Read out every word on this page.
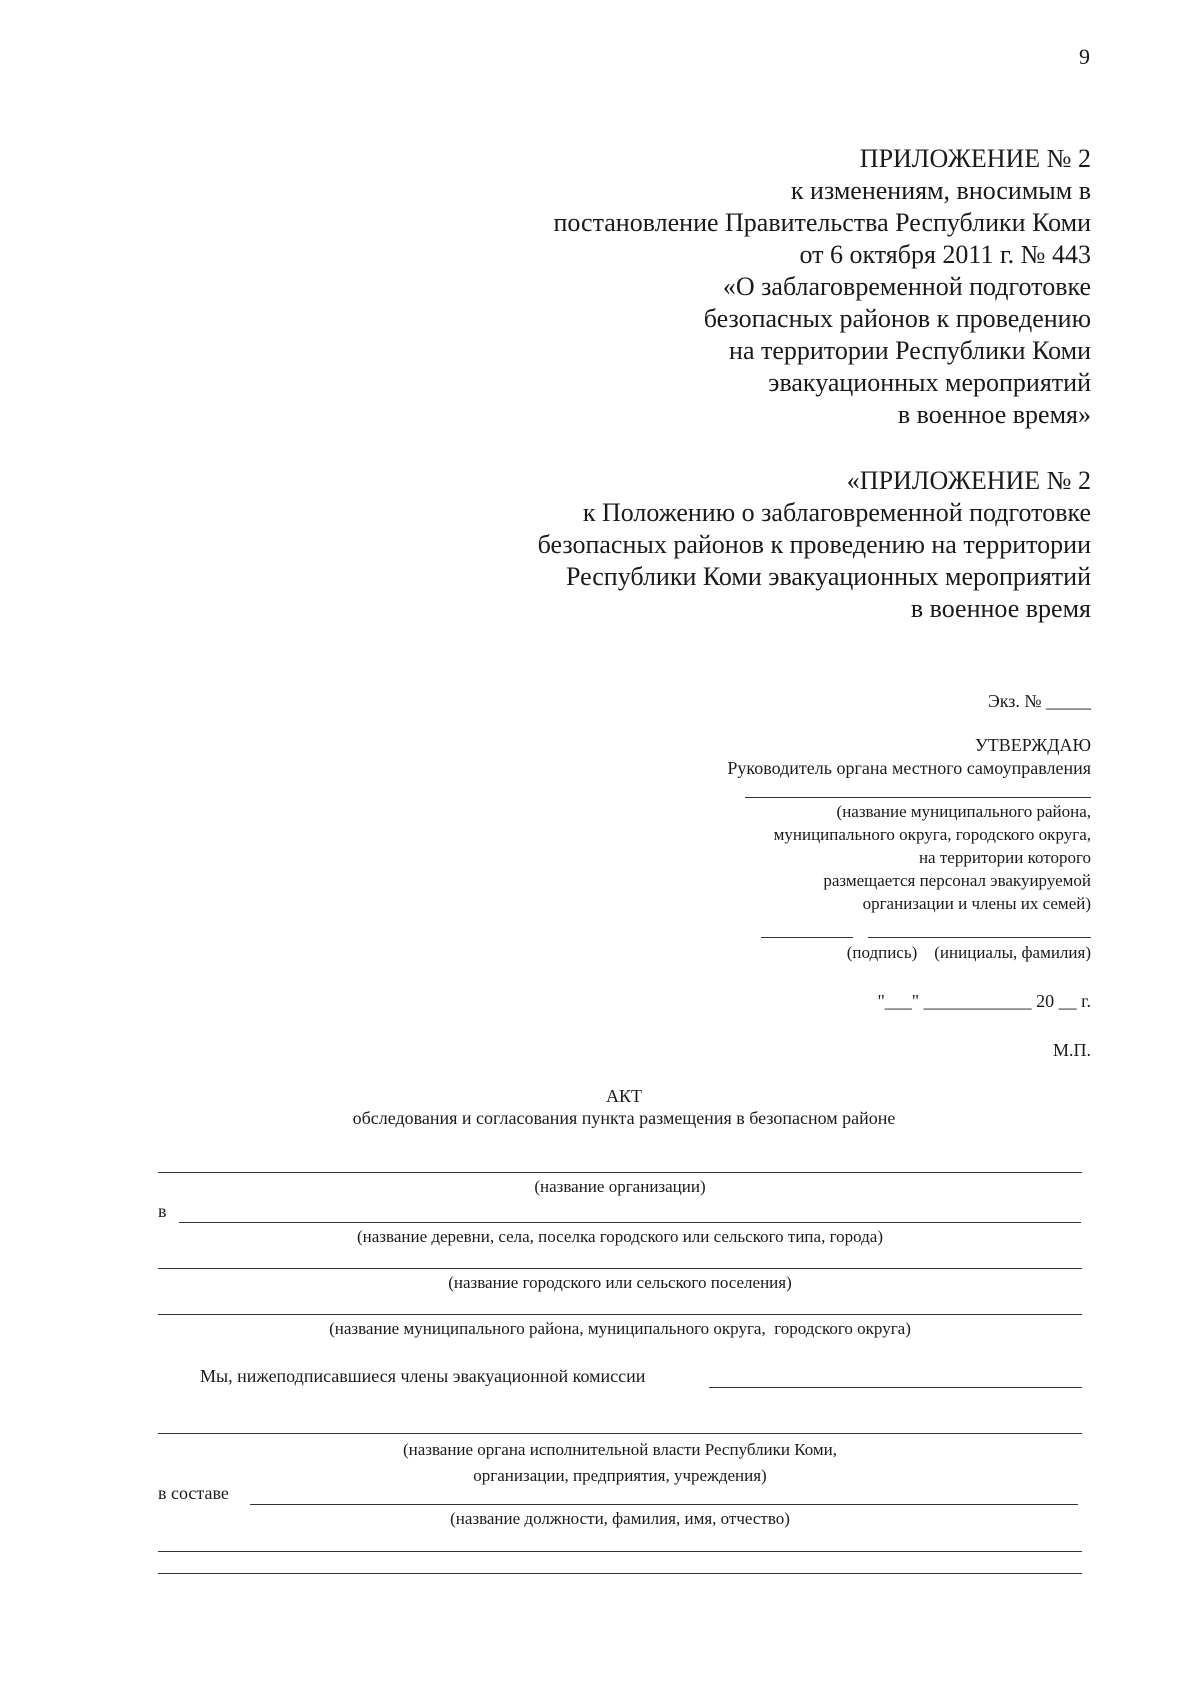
9
ПРИЛОЖЕНИЕ № 2
к изменениям, вносимым в
постановление Правительства Республики Коми
от 6 октября 2011 г. № 443
«О заблаговременной подготовке
безопасных районов к проведению
на территории Республики Коми
эвакуационных мероприятий
в военное время»
«ПРИЛОЖЕНИЕ № 2
к Положению о заблаговременной подготовке
безопасных районов к проведению на территории
Республики Коми эвакуационных мероприятий
в военное время
Экз. № _____
УТВЕРЖДАЮ
Руководитель органа местного самоуправления
(название муниципального района,
муниципального округа, городского округа,
на территории которого
размещается персонал эвакуируемой
организации и члены их семей)
(подпись)    (инициалы, фамилия)
"___" ____________ 20 __ г.
М.П.
АКТ
обследования и согласования пункта размещения в безопасном районе
(название организации)
в
(название деревни, села, поселка городского или сельского типа, города)
(название городского или сельского поселения)
(название муниципального района, муниципального округа,  городского округа)
Мы, нижеподписавшиеся члены эвакуационной комиссии
(название органа исполнительной власти Республики Коми,
организации, предприятия, учреждения)
в составе
(название должности, фамилия, имя, отчество)
